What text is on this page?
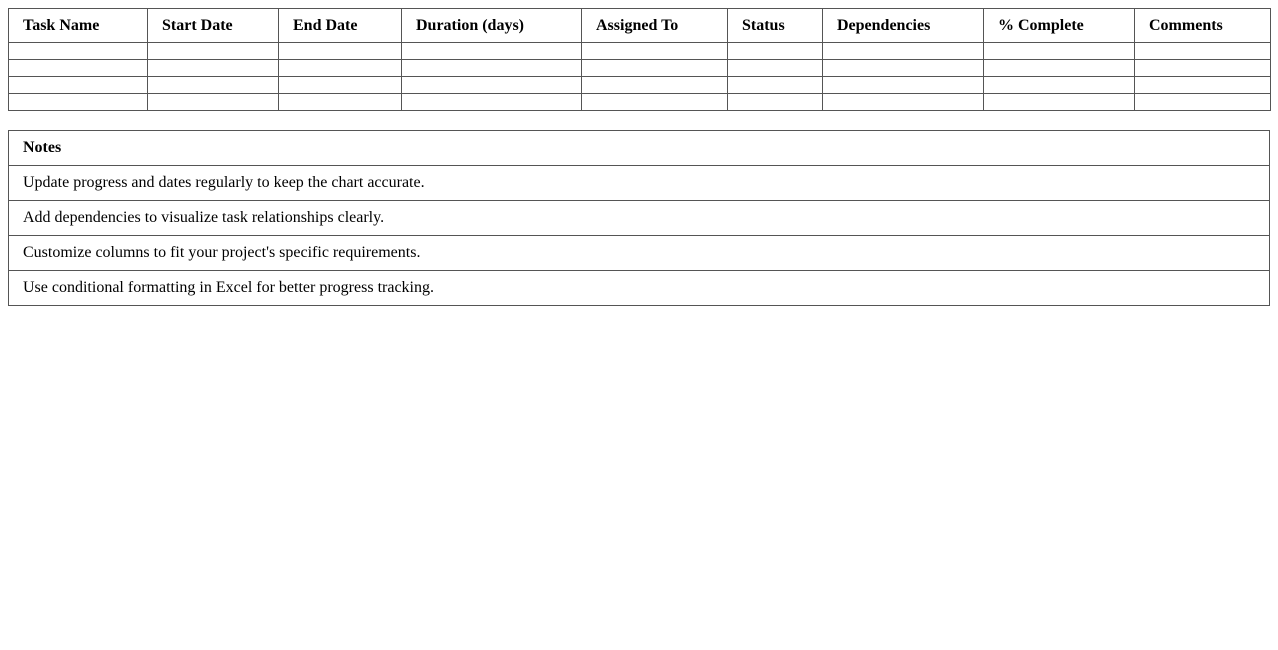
Task Name	Start Date	End Date	Duration (days)	Assigned To	Status	Dependencies	% Complete	Comments

Notes
Update progress and dates regularly to keep the chart accurate.
Add dependencies to visualize task relationships clearly.
Customize columns to fit your project's specific requirements.
Use conditional formatting in Excel for better progress tracking.
